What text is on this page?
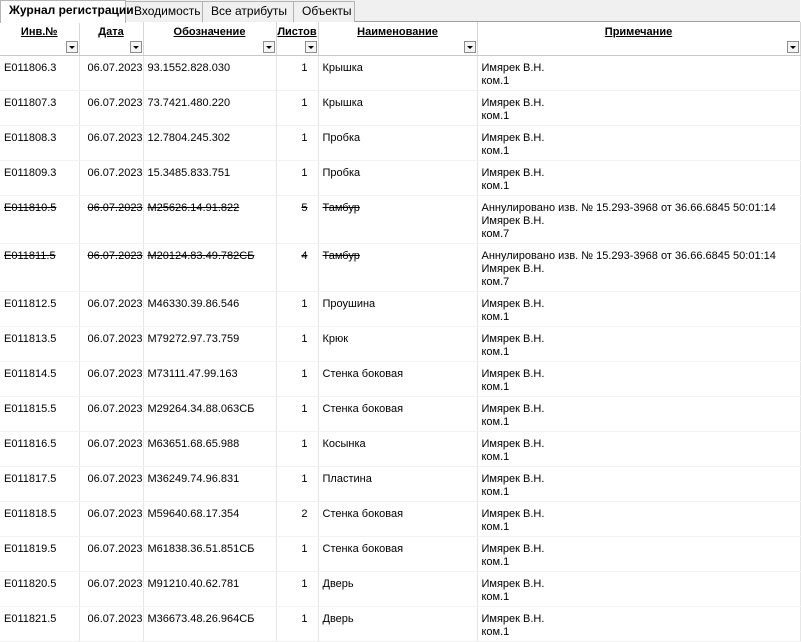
Журнал регистрации Входимость Все атрибуты	Объекты
Инв.№	Дата	Обозначение	Листов	Наименование	Примечание

E011806.3	06.07.2023	93.1552.828.030	1	Крышка	Имярек В.Н.
ком.1

E011807.3	06.07.2023	73.7421.480.220	1	Крышка	Имярек В.Н.
ком.1

E011808.3	06.07.2023	12.7804.245.302	1	Пробка	Имярек В.Н.
ком.1

E011809.3	06.07.2023	15.3485.833.751	1	Пробка	Имярек В.Н.
ком.1

E011810.5	06.07.2023	M25626.14.91.822	5	Тамбур	Аннулировано изв. № 15.293-3968 от 36.66.6845 50:01:14
Имярек В.Н.
ком.7

E011811.5	06.07.2023	M20124.83.49.782СБ	4	Тамбур	Аннулировано изв. № 15.293-3968 от 36.66.6845 50:01:14
Имярек В.Н.
ком.7

E011812.5	06.07.2023	M46330.39.86.546	1	Проушина	Имярек В.Н.
ком.1

E011813.5	06.07.2023	M79272.97.73.759	1	Крюк	Имярек В.Н.
ком.1

E011814.5	06.07.2023	M73111.47.99.163	1	Стенка боковая	Имярек В.Н.
ком.1

E011815.5	06.07.2023	M29264.34.88.063СБ	1	Стенка боковая	Имярек В.Н.
ком.1

E011816.5	06.07.2023	M63651.68.65.988	1	Косынка	Имярек В.Н.
ком.1

E011817.5	06.07.2023	M36249.74.96.831	1	Пластина	Имярек В.Н.
ком.1

E011818.5	06.07.2023	M59640.68.17.354	2	Стенка боковая	Имярек В.Н.
ком.1

E011819.5	06.07.2023	M61838.36.51.851СБ	1	Стенка боковая	Имярек В.Н.
ком.1

E011820.5	06.07.2023	M91210.40.62.781	1	Дверь	Имярек В.Н.
ком.1

E011821.5	06.07.2023	M36673.48.26.964СБ	1	Дверь	Имярек В.Н.
ком.1
